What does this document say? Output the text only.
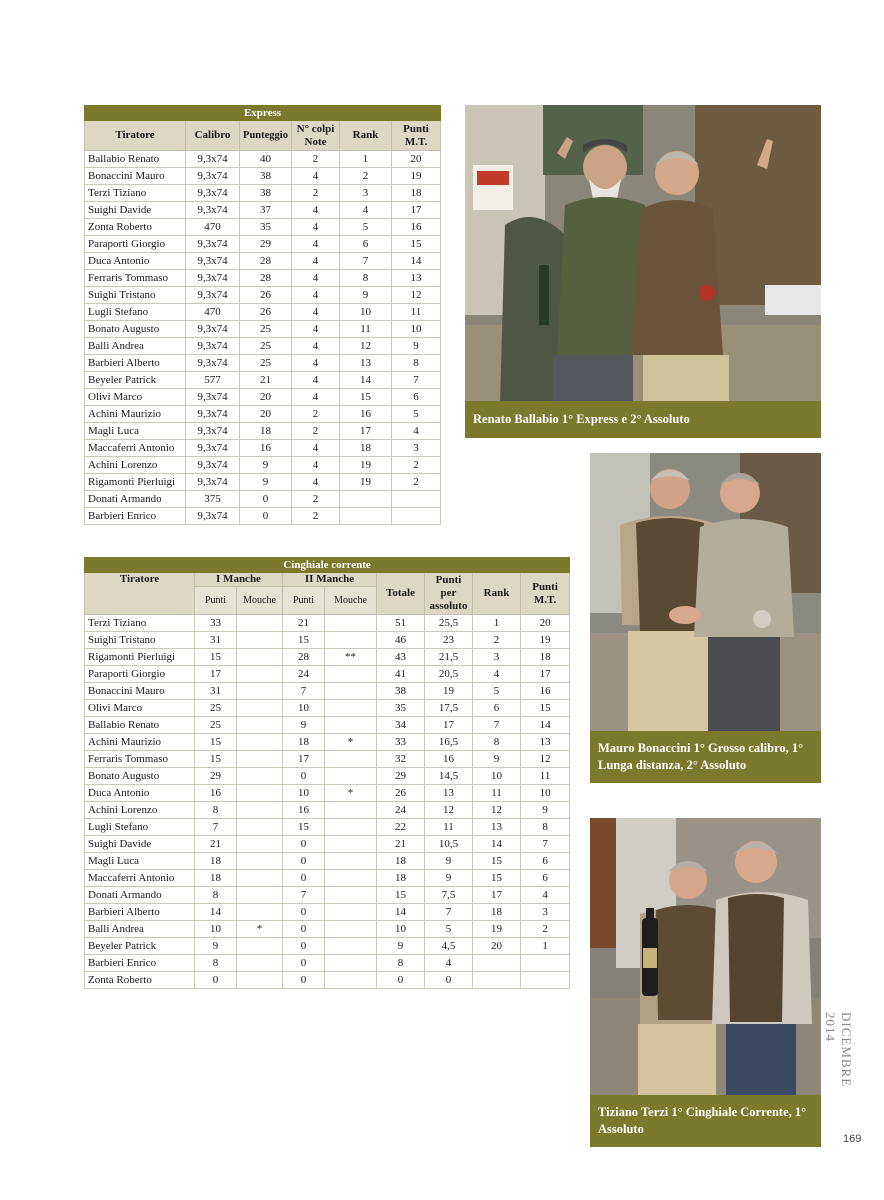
Express					
Tiratore	Calibro	Punteggio	N° colpi Note	Rank	Punti M.T.
Ballabio Renato	9,3x74	40	2	1	20
Bonaccini Mauro	9,3x74	38	4	2	19
Terzi Tiziano	9,3x74	38	2	3	18
Suighi Davide	9,3x74	37	4	4	17
Zonta Roberto	470	35	4	5	16
Paraporti Giorgio	9,3x74	29	4	6	15
Duca Antonio	9,3x74	28	4	7	14
Ferraris Tommaso	9,3x74	28	4	8	13
Suighi Tristano	9,3x74	26	4	9	12
Lugli Stefano	470	26	4	10	11
Bonato Augusto	9,3x74	25	4	11	10
Balli Andrea	9,3x74	25	4	12	9
Barbieri Alberto	9,3x74	25	4	13	8
Beyeler Patrick	577	21	4	14	7
Olivi Marco	9,3x74	20	4	15	6
Achini Maurizio	9,3x74	20	2	16	5
Magli Luca	9,3x74	18	2	17	4
Maccaferri Antonio	9,3x74	16	4	18	3
Achini Lorenzo	9,3x74	9	4	19	2
Rigamonti Pierluigi	9,3x74	9	4	19	2
Donati Armando	375	0	2		
Barbieri Enrico	9,3x74	0	2		
Cinghiale corrente								
Tiratore	I Manche		II Manche		Totale	Punti per assoluto	Rank	Punti M.T.
	Punti	Mouche	Punti	Mouche				
Terzi Tiziano	33		21		51	25,5	1	20
Suighi Tristano	31		15		46	23	2	19
Rigamonti Pierluigi	15		28	**	43	21,5	3	18
Paraporti Giorgio	17		24		41	20,5	4	17
Bonaccini Mauro	31		7		38	19	5	16
Olivi Marco	25		10		35	17,5	6	15
Ballabio Renato	25		9		34	17	7	14
Achini Maurizio	15		18	*	33	16,5	8	13
Ferraris Tommaso	15		17		32	16	9	12
Bonato Augusto	29		0		29	14,5	10	11
Duca Antonio	16		10	*	26	13	11	10
Achini Lorenzo	8		16		24	12	12	9
Lugli Stefano	7		15		22	11	13	8
Suighi Davide	21		0		21	10,5	14	7
Magli Luca	18		0		18	9	15	6
Maccaferri Antonio	18		0		18	9	15	6
Donati Armando	8		7		15	7,5	17	4
Barbieri Alberto	14		0		14	7	18	3
Balli Andrea	10	*	0		10	5	19	2
Beyeler Patrick	9		0		9	4,5	20	1
Barbieri Enrico	8		0		8	4		
Zonta Roberto	0		0		0	0		
Renato Ballabio 1° Express e 2° Assoluto
Mauro Bonaccini 1° Grosso calibro, 1° Lunga distanza, 2° Assoluto
Tiziano Terzi 1° Cinghiale Corrente, 1° Assoluto
DICEMBRE 2014
169
